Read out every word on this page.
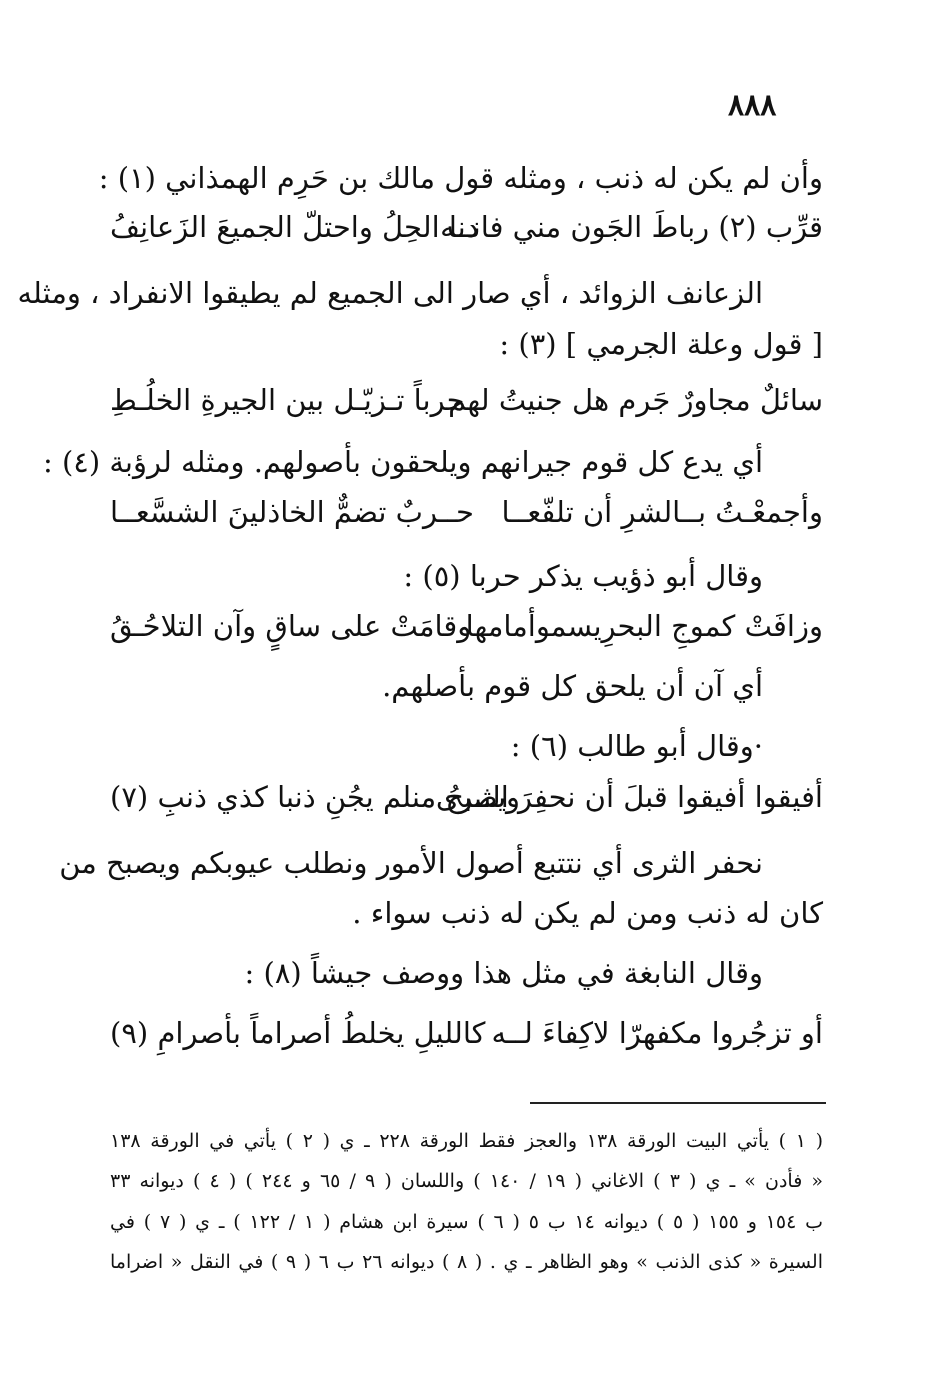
٨٨٨
وأن لم يكن له ذنب ، ومثله قول مالك بن حَرِم الهمذاني (١) :
قرِّب (٢) رباطَ الجَون مني فانــه
دنا الحِلُ واحتلّ الجميعَ الزَعانِفُ
الزعانف الزوائد ، أي صار الى الجميع لم يطيقوا الانفراد ، ومثله
[ قول وعلة الجرمي ] (٣) :
سائلٌ مجاورٌ جَرم هل جنيتُ لهم
حرباً تـزيّـل بين الجيرةِ الخلُـطِ
أي يدع كل قوم جيرانهم ويلحقون بأصولهم. ومثله لرؤبة (٤) :
وأجمعْـتُ بــالشرِ أن تلفّعــا
حــربٌ تضمٌّ الخاذلينَ الشسَّعــا
وقال أبو ذؤيب يذكر حربا (٥) :
وزافَتْ كموجِ البحرِيسموأمامها
وقامَتْ على ساقٍ وآن التلاحُـقُ
أي آن أن يلحق كل قوم بأصلهم.
·وقال أبو طالب (٦) :
أفيقوا أفيقوا قبلَ أن نحفِرَ الثـرى
ويصبحُ منلم يجُنِ ذنبا كذي ذنبِ (٧)
نحفر الثرى أي نتتبع أصول الأمور ونطلب عيوبكم ويصبح من
كان له ذنب ومن لم يكن له ذنب سواء .
وقال النابغة في مثل هذا ووصف جيشاً (٨) :
أو تزجُروا مكفهرّا لاكِفاءَ لــه
كالليلِ يخلطُ أصراماً بأصرامِ (٩)
( ١ ) يأتي البيت الورقة ١٣٨ والعجز فقط الورقة ٢٢٨ ـ ي ( ٢ ) يأتي في الورقة ١٣٨
« فأدن » ـ ي ( ٣ ) الاغاني ( ١٩ / ١٤٠ ) واللسان ( ٩ / ٦٥ و ٢٤٤ ) ( ٤ ) ديوانه ٣٣
ب ١٥٤ و ١٥٥ ( ٥ ) ديوانه ١٤ ب ٥ ( ٦ ) سيرة ابن هشام ( ١ / ١٢٢ ) ـ ي ( ٧ ) في
السيرة « كذى الذنب » وهو الظاهر ـ ي . ( ٨ ) ديوانه ٢٦ ب ٦ ( ٩ ) في النقل « اضراما
